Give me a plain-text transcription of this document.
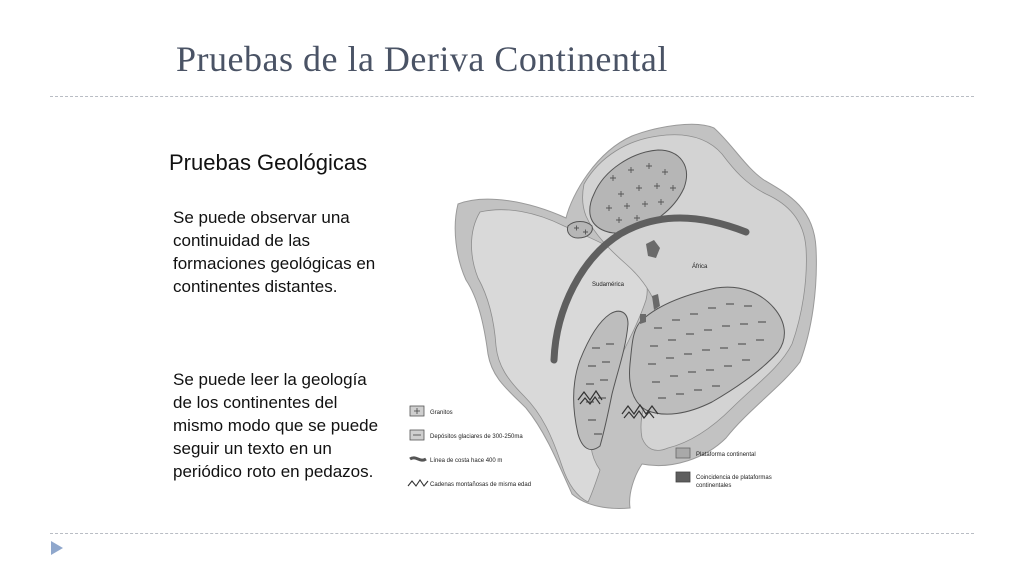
Pruebas de la Deriva Continental
Pruebas Geológicas
Se puede observar una continuidad de las formaciones geológicas en continentes distantes.
Se puede leer la geología de los continentes del mismo modo que se puede seguir un texto en un periódico roto en pedazos.
Sudamérica
África
Granitos
Depósitos glaciares de 300-250ma
Línea de costa hace 400 m
Cadenas montañosas de misma edad
Plataforma continental
Coincidencia de plataformas
continentales
